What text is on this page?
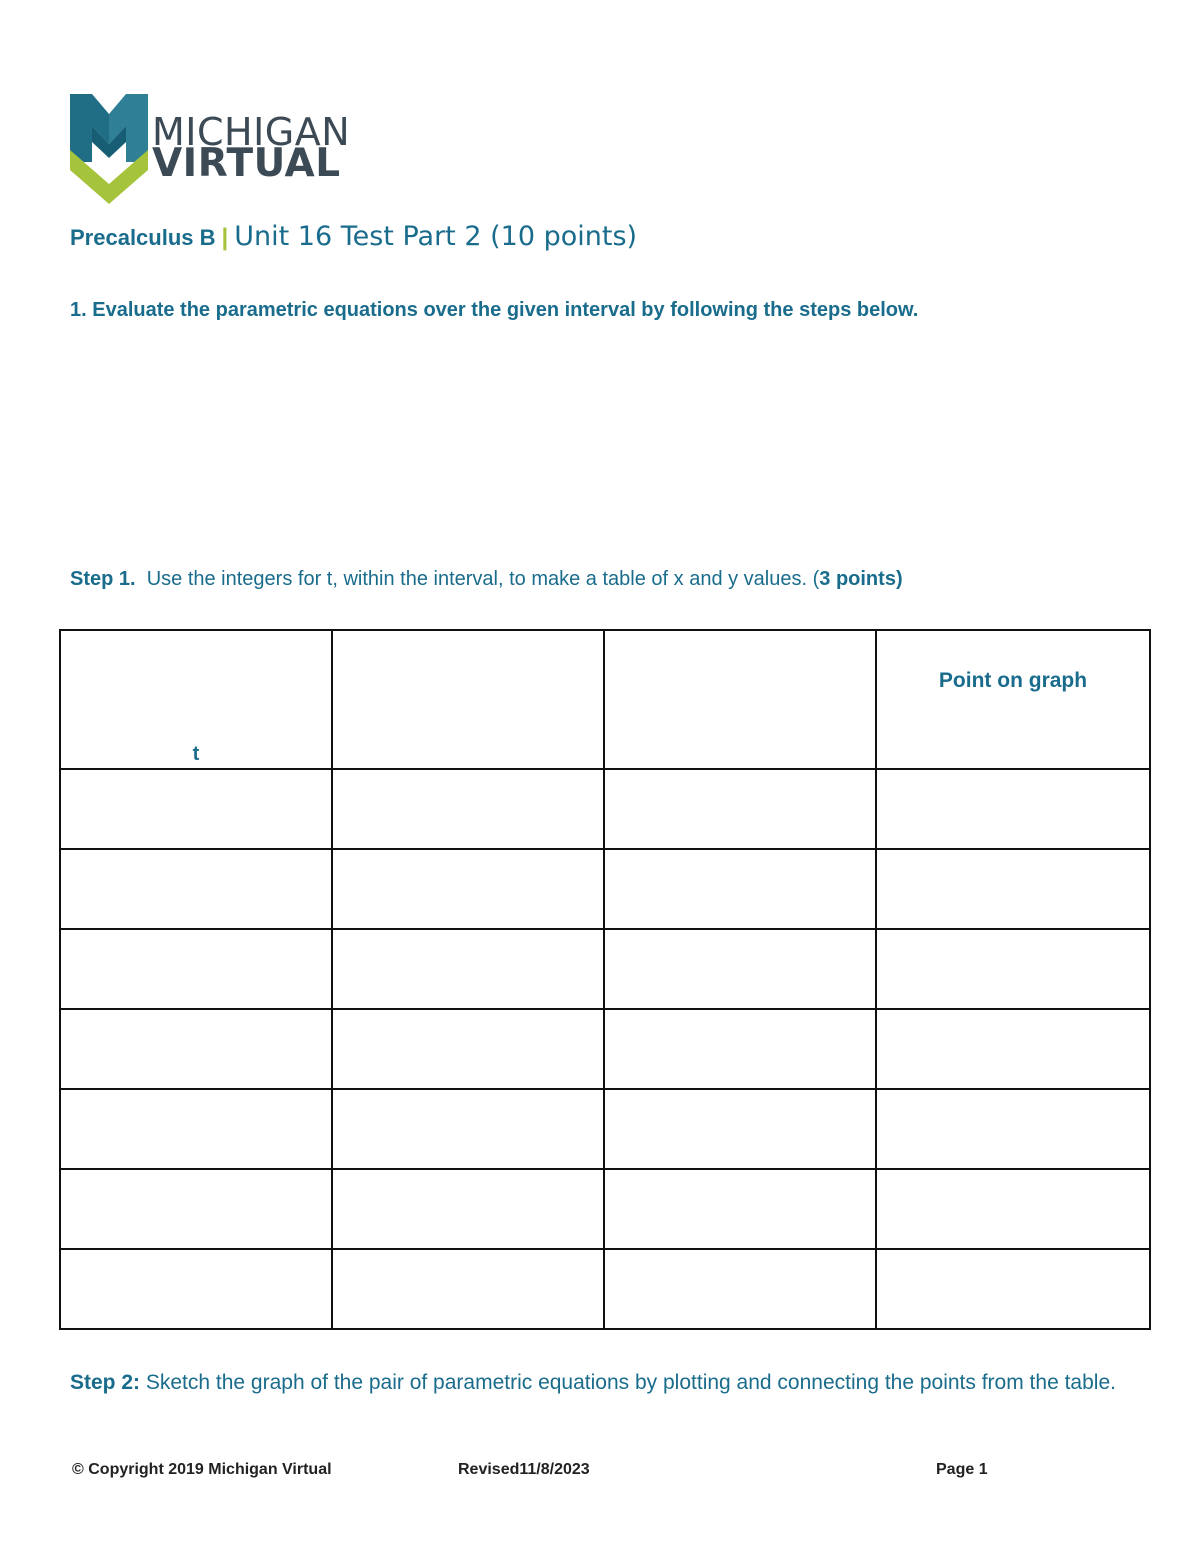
MICHIGAN
VIRTUAL
Precalculus B | Unit 16 Test Part 2 (10 points)
1. Evaluate the parametric equations over the given interval by following the steps below.
Step 1. Use the integers for t, within the interval, to make a table of x and y values. (3 points)
t			Point on graph

Step 2: Sketch the graph of the pair of parametric equations by plotting and connecting the points from the table.
© Copyright 2019 Michigan Virtual	Revised11/8/2023	Page 1
